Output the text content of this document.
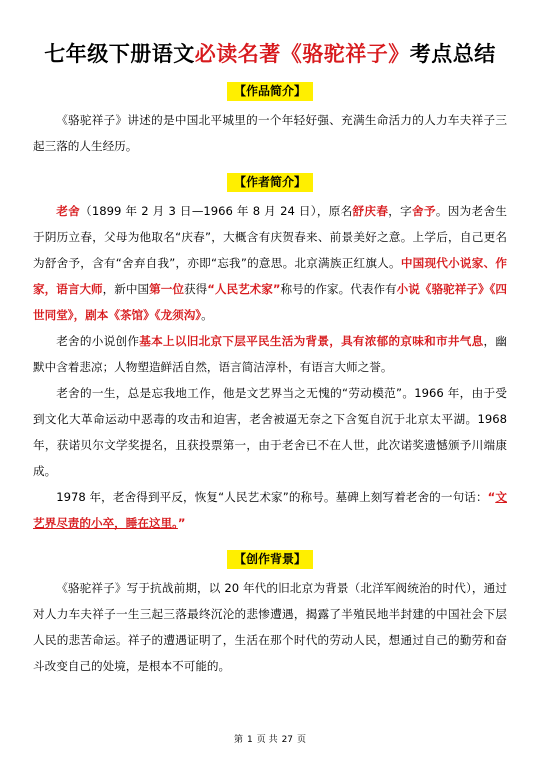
七年级下册语文必读名著《骆驼祥子》考点总结
【作品简介】

《骆驼祥子》讲述的是中国北平城里的一个年轻好强、充满生命活力的人力车夫祥子三起三落的人生经历。

【作者简介】

老舍（1899 年 2 月 3 日—1966 年 8 月 24 日），原名舒庆春，字舍予。因为老舍生于阴历立春，父母为他取名“庆春”，大概含有庆贺春来、前景美好之意。上学后，自己更名为舒舍予，含有“舍弃自我”，亦即“忘我”的意思。北京满族正红旗人。中国现代小说家、作家，语言大师，新中国第一位获得“人民艺术家”称号的作家。代表作有小说《骆驼祥子》《四世同堂》，剧本《茶馆》《龙须沟》。

老舍的小说创作基本上以旧北京下层平民生活为背景，具有浓郁的京味和市井气息，幽默中含着悲凉；人物塑造鲜活自然，语言简洁淳朴，有语言大师之誉。

老舍的一生，总是忘我地工作，他是文艺界当之无愧的“劳动模范”。1966 年，由于受到文化大革命运动中恶毒的攻击和迫害，老舍被逼无奈之下含冤自沉于北京太平湖。1968 年，获诺贝尔文学奖提名，且获投票第一，由于老舍已不在人世，此次诺奖遗憾颁予川端康成。

1978 年，老舍得到平反，恢复“人民艺术家”的称号。墓碑上刻写着老舍的一句话：“文艺界尽责的小卒，睡在这里。”

【创作背景】

《骆驼祥子》写于抗战前期，以 20 年代的旧北京为背景（北洋军阀统治的时代），通过对人力车夫祥子一生三起三落最终沉沦的悲惨遭遇，揭露了半殖民地半封建的中国社会下层人民的悲苦命运。祥子的遭遇证明了，生活在那个时代的劳动人民，想通过自己的勤劳和奋斗改变自己的处境，是根本不可能的。

第 1 页 共 27 页
